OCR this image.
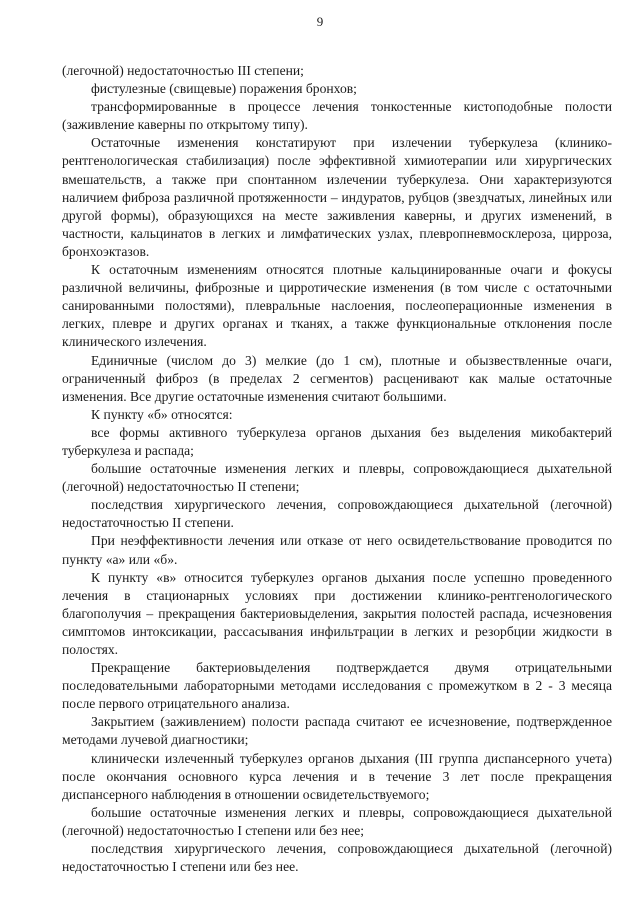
9

(легочной) недостаточностью III степени;

фистулезные (свищевые) поражения бронхов;

трансформированные в процессе лечения тонкостенные кистоподобные полости (заживление каверны по открытому типу).

Остаточные изменения констатируют при излечении туберкулеза (клинико-рентгенологическая стабилизация) после эффективной химиотерапии или хирургических вмешательств, а также при спонтанном излечении туберкулеза. Они характеризуются наличием фиброза различной протяженности – индуратов, рубцов (звездчатых, линейных или другой формы), образующихся на месте заживления каверны, и других изменений, в частности, кальцинатов в легких и лимфатических узлах, плевропневмосклероза, цирроза, бронхоэктазов.

К остаточным изменениям относятся плотные кальцинированные очаги и фокусы различной величины, фиброзные и цирротические изменения (в том числе с остаточными санированными полостями), плевральные наслоения, послеоперационные изменения в легких, плевре и других органах и тканях, а также функциональные отклонения после клинического излечения.

Единичные (числом до 3) мелкие (до 1 см), плотные и обызвествленные очаги, ограниченный фиброз (в пределах 2 сегментов) расценивают как малые остаточные изменения. Все другие остаточные изменения считают большими.

К пункту «б» относятся:

все формы активного туберкулеза органов дыхания без выделения микобактерий туберкулеза и распада;

большие остаточные изменения легких и плевры, сопровождающиеся дыхательной (легочной) недостаточностью II степени;

последствия хирургического лечения, сопровождающиеся дыхательной (легочной) недостаточностью II степени.

При неэффективности лечения или отказе от него освидетельствование проводится по пункту «а» или «б».

К пункту «в» относится туберкулез органов дыхания после успешно проведенного лечения в стационарных условиях при достижении клинико-рентгенологического благополучия – прекращения бактериовыделения, закрытия полостей распада, исчезновения симптомов интоксикации, рассасывания инфильтрации в легких и резорбции жидкости в полостях.

Прекращение бактериовыделения подтверждается двумя отрицательными последовательными лабораторными методами исследования с промежутком в 2 - 3 месяца после первого отрицательного анализа.

Закрытием (заживлением) полости распада считают ее исчезновение, подтвержденное методами лучевой диагностики;

клинически излеченный туберкулез органов дыхания (III группа диспансерного учета) после окончания основного курса лечения и в течение 3 лет после прекращения диспансерного наблюдения в отношении освидетельствуемого;

большие остаточные изменения легких и плевры, сопровождающиеся дыхательной (легочной) недостаточностью I степени или без нее;

последствия хирургического лечения, сопровождающиеся дыхательной (легочной) недостаточностью I степени или без нее.
